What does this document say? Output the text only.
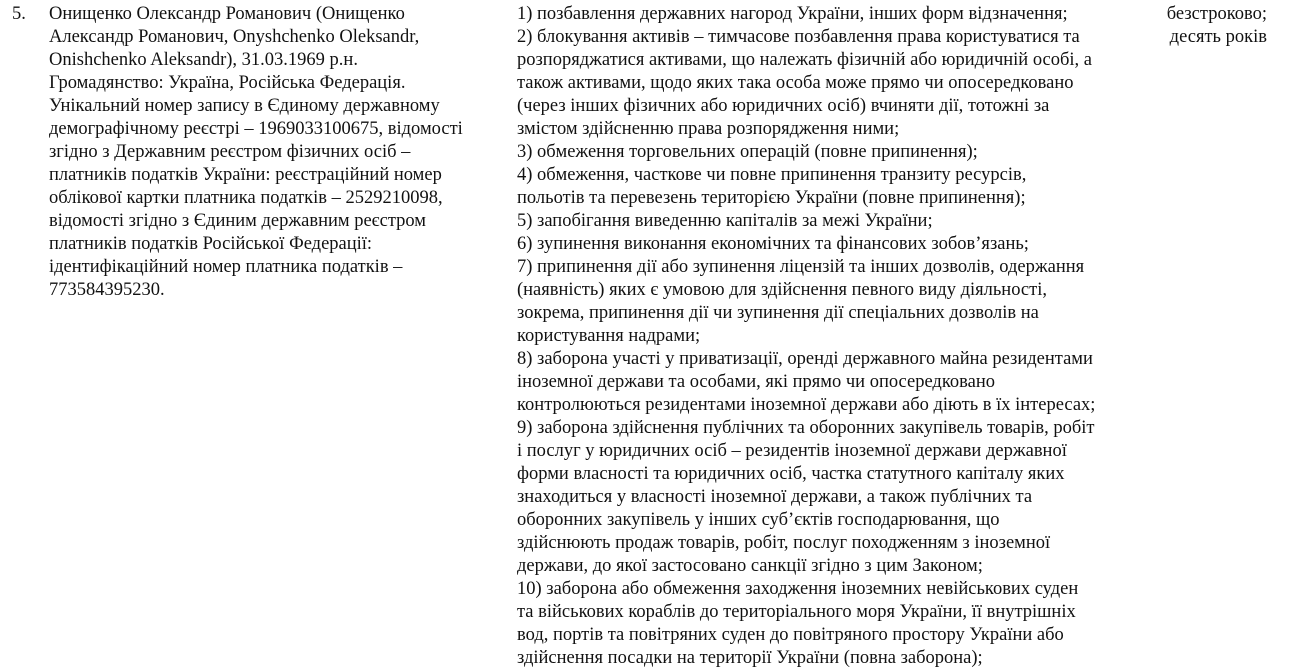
5.	Онищенко Олександр Романович (Онищенко
Александр Романович, Onyshchenko Oleksandr,
Onishchenko Aleksandr), 31.03.1969 р.н.
Громадянство: Україна, Російська Федерація.
Унікальний номер запису в Єдиному державному
демографічному реєстрі – 1969033100675, відомості
згідно з Державним реєстром фізичних осіб –
платників податків України: реєстраційний номер
облікової картки платника податків – 2529210098,
відомості згідно з Єдиним державним реєстром
платників податків Російської Федерації:
ідентифікаційний номер платника податків –
773584395230.
1) позбавлення державних нагород України, інших форм відзначення;
2) блокування активів – тимчасове позбавлення права користуватися та
розпоряджатися активами, що належать фізичній або юридичній особі, а
також активами, щодо яких така особа може прямо чи опосередковано
(через інших фізичних або юридичних осіб) вчиняти дії, тотожні за
змістом здійсненню права розпорядження ними;
3) обмеження торговельних операцій (повне припинення);
4) обмеження, часткове чи повне припинення транзиту ресурсів,
польотів та перевезень територією України (повне припинення);
5) запобігання виведенню капіталів за межі України;
6) зупинення виконання економічних та фінансових зобов’язань;
7) припинення дії або зупинення ліцензій та інших дозволів, одержання
(наявність) яких є умовою для здійснення певного виду діяльності,
зокрема, припинення дії чи зупинення дії спеціальних дозволів на
користування надрами;
8) заборона участі у приватизації, оренді державного майна резидентами
іноземної держави та особами, які прямо чи опосередковано
контролюються резидентами іноземної держави або діють в їх інтересах;
9) заборона здійснення публічних та оборонних закупівель товарів, робіт
і послуг у юридичних осіб – резидентів іноземної держави державної
форми власності та юридичних осіб, частка статутного капіталу яких
знаходиться у власності іноземної держави, а також публічних та
оборонних закупівель у інших суб’єктів господарювання, що
здійснюють продаж товарів, робіт, послуг походженням з іноземної
держави, до якої застосовано санкції згідно з цим Законом;
10) заборона або обмеження заходження іноземних невійськових суден
та військових кораблів до територіального моря України, її внутрішніх
вод, портів та повітряних суден до повітряного простору України або
здійснення посадки на території України (повна заборона);
безстроково;
десять років
